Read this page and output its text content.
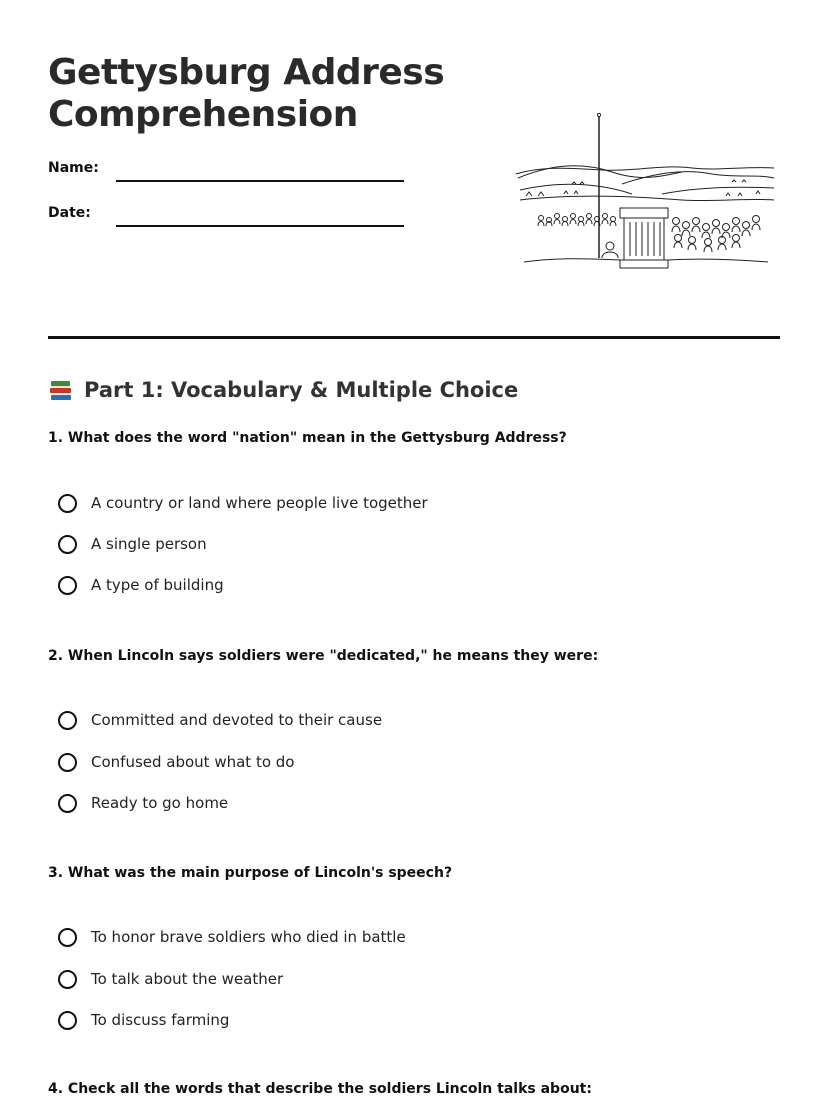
Gettysburg Address Comprehension
Name:
Date:
Part 1: Vocabulary & Multiple Choice
1. What does the word "nation" mean in the Gettysburg Address?
A country or land where people live together
A single person
A type of building
2. When Lincoln says soldiers were "dedicated," he means they were:
Committed and devoted to their cause
Confused about what to do
Ready to go home
3. What was the main purpose of Lincoln's speech?
To honor brave soldiers who died in battle
To talk about the weather
To discuss farming
4. Check all the words that describe the soldiers Lincoln talks about:
